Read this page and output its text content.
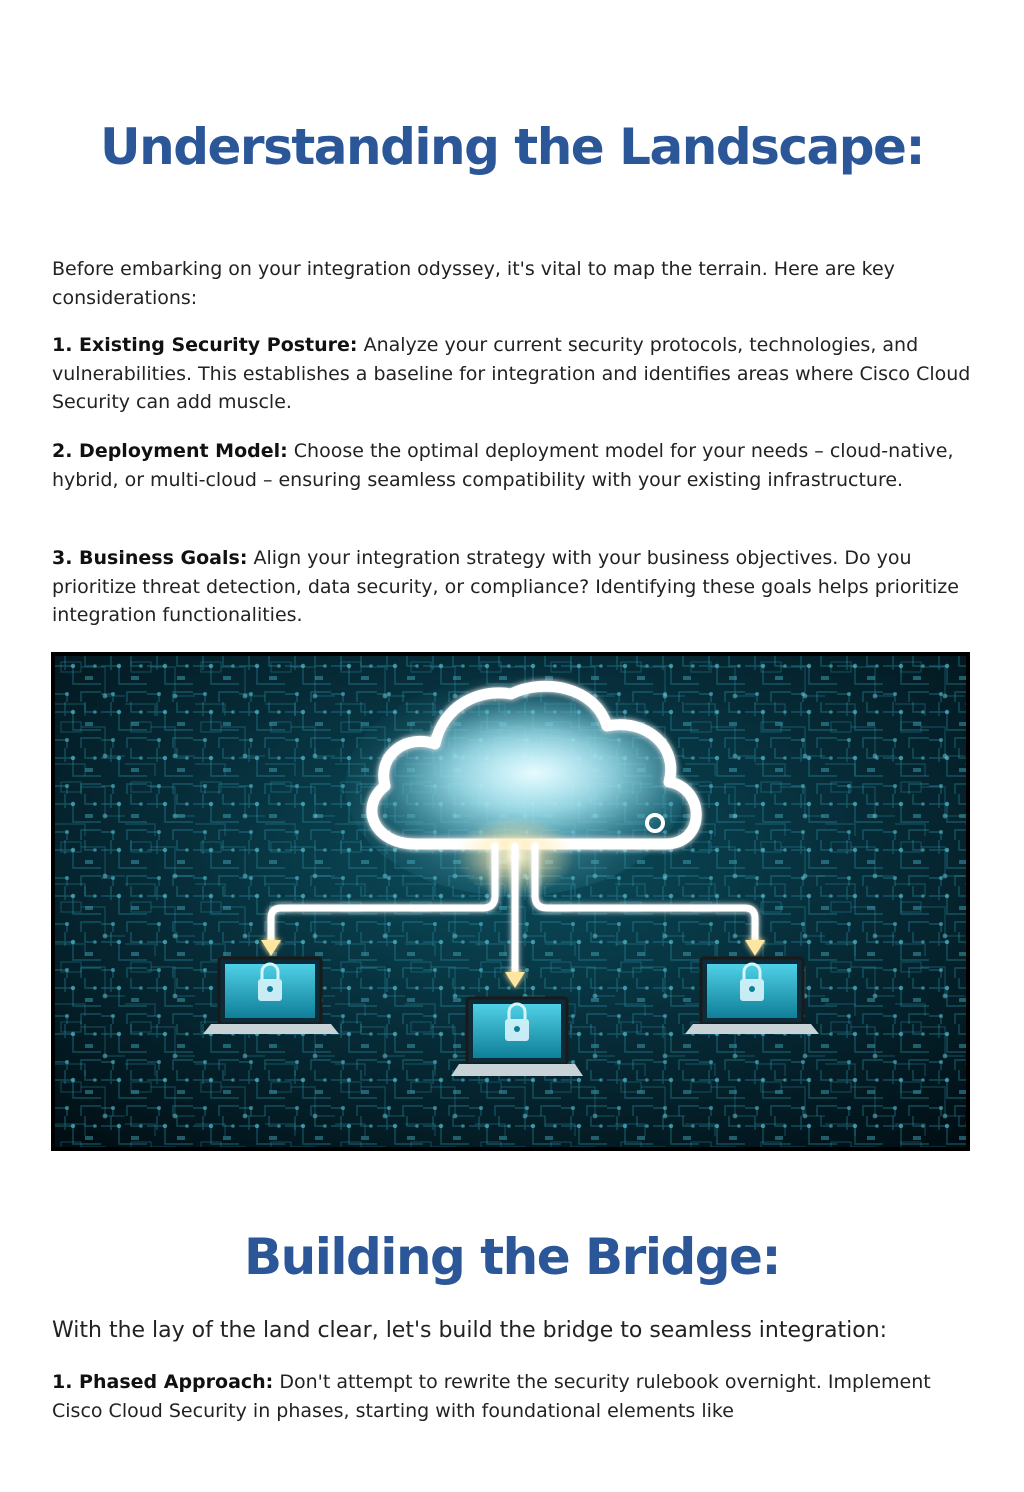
Understanding the Landscape:

Before embarking on your integration odyssey, it's vital to map the terrain. Here are key considerations:

1. Existing Security Posture: Analyze your current security protocols, technologies, and vulnerabilities. This establishes a baseline for integration and identifies areas where Cisco Cloud Security can add muscle.

2. Deployment Model: Choose the optimal deployment model for your needs – cloud-native, hybrid, or multi-cloud – ensuring seamless compatibility with your existing infrastructure.

3. Business Goals: Align your integration strategy with your business objectives. Do you prioritize threat detection, data security, or compliance? Identifying these goals helps prioritize integration functionalities.

Building the Bridge:

With the lay of the land clear, let's build the bridge to seamless integration:

1. Phased Approach: Don't attempt to rewrite the security rulebook overnight. Implement Cisco Cloud Security in phases, starting with foundational elements like
